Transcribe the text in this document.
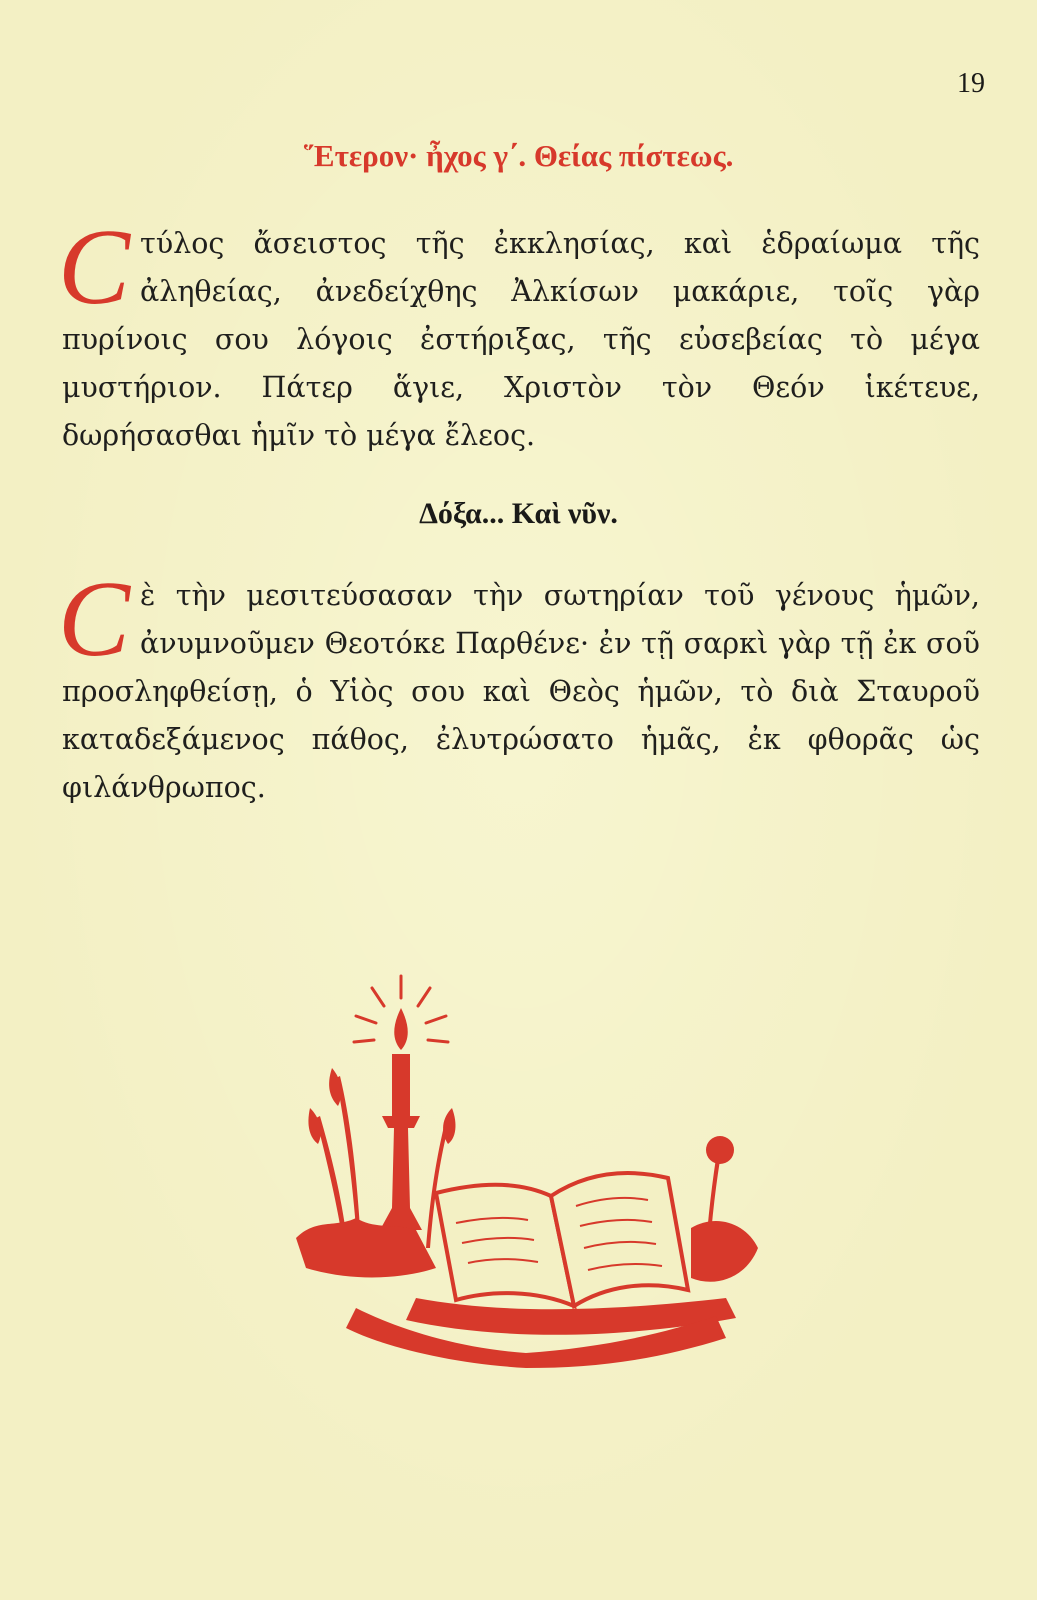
19
῞Ετερον· ἦχος γ΄. Θείας πίστεως.
Cτύλος ἄσειστος τῆς ἐκκλησίας, καὶ ἑδραίωμα τῆς ἀληθείας, ἀνεδείχθης Ἀλκίσων μακάριε, τοῖς γὰρ πυρίνοις σου λόγοις ἐστήριξας, τῆς εὐσεβείας τὸ μέγα μυστήριον. Πάτερ ἅγιε, Χριστὸν τὸν Θεόν ἱκέτευε, δωρήσασθαι ἡμῖν τὸ μέγα ἔλεος.
Δόξα... Καὶ νῦν.
Cὲ τὴν μεσιτεύσασαν τὴν σωτηρίαν τοῦ γένους ἡμῶν, ἀνυμνοῦμεν Θεοτόκε Παρθένε· ἐν τῇ σαρκὶ γὰρ τῇ ἐκ σοῦ προσληφθείσῃ, ὁ Υἱὸς σου καὶ Θεὸς ἡμῶν, τὸ διὰ Σταυροῦ καταδεξάμενος πάθος, ἐλυτρώσατο ἡμᾶς, ἐκ φθορᾶς ὡς φιλάνθρωπος.
